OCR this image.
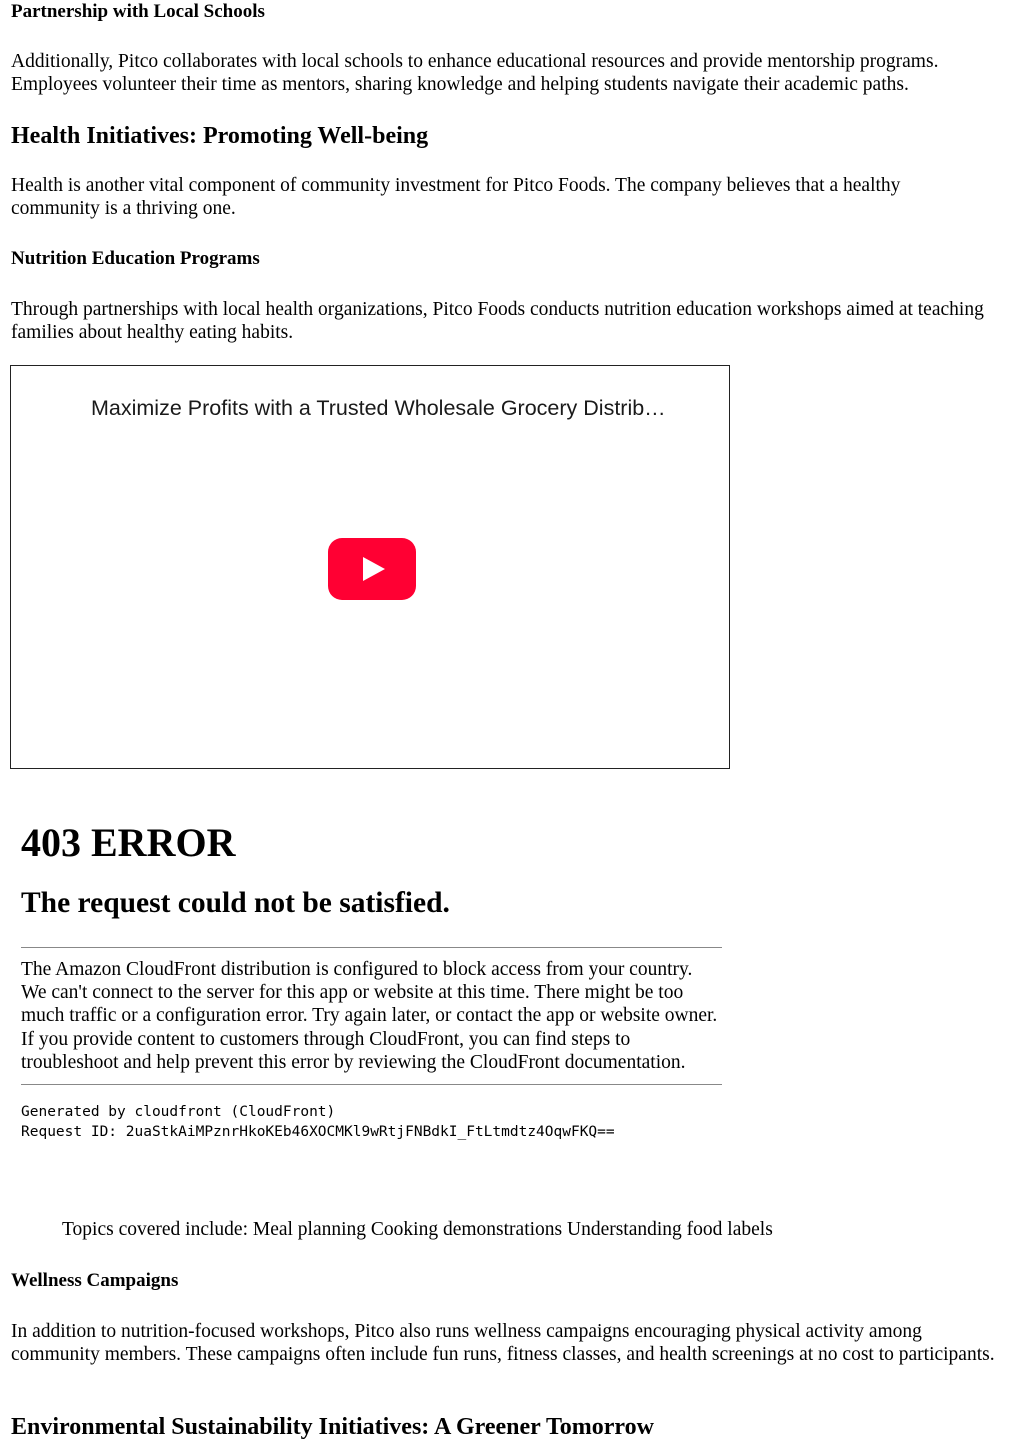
Partnership with Local Schools
Additionally, Pitco collaborates with local schools to enhance educational resources and provide mentorship programs. Employees volunteer their time as mentors, sharing knowledge and helping students navigate their academic paths.
Health Initiatives: Promoting Well-being
Health is another vital component of community investment for Pitco Foods. The company believes that a healthy community is a thriving one.
Nutrition Education Programs
Through partnerships with local health organizations, Pitco Foods conducts nutrition education workshops aimed at teaching families about healthy eating habits.
Maximize Profits with a Trusted Wholesale Grocery Distrib…
403 ERROR
The request could not be satisfied.
The Amazon CloudFront distribution is configured to block access from your country. We can't connect to the server for this app or website at this time. There might be too much traffic or a configuration error. Try again later, or contact the app or website owner.
If you provide content to customers through CloudFront, you can find steps to troubleshoot and help prevent this error by reviewing the CloudFront documentation.
Generated by cloudfront (CloudFront)
Request ID: 2uaStkAiMPznrHkoKEb46XOCMKl9wRtjFNBdkI_FtLtmdtz4OqwFKQ==
Topics covered include: Meal planning Cooking demonstrations Understanding food labels
Wellness Campaigns
In addition to nutrition-focused workshops, Pitco also runs wellness campaigns encouraging physical activity among community members. These campaigns often include fun runs, fitness classes, and health screenings at no cost to participants.
Environmental Sustainability Initiatives: A Greener Tomorrow
